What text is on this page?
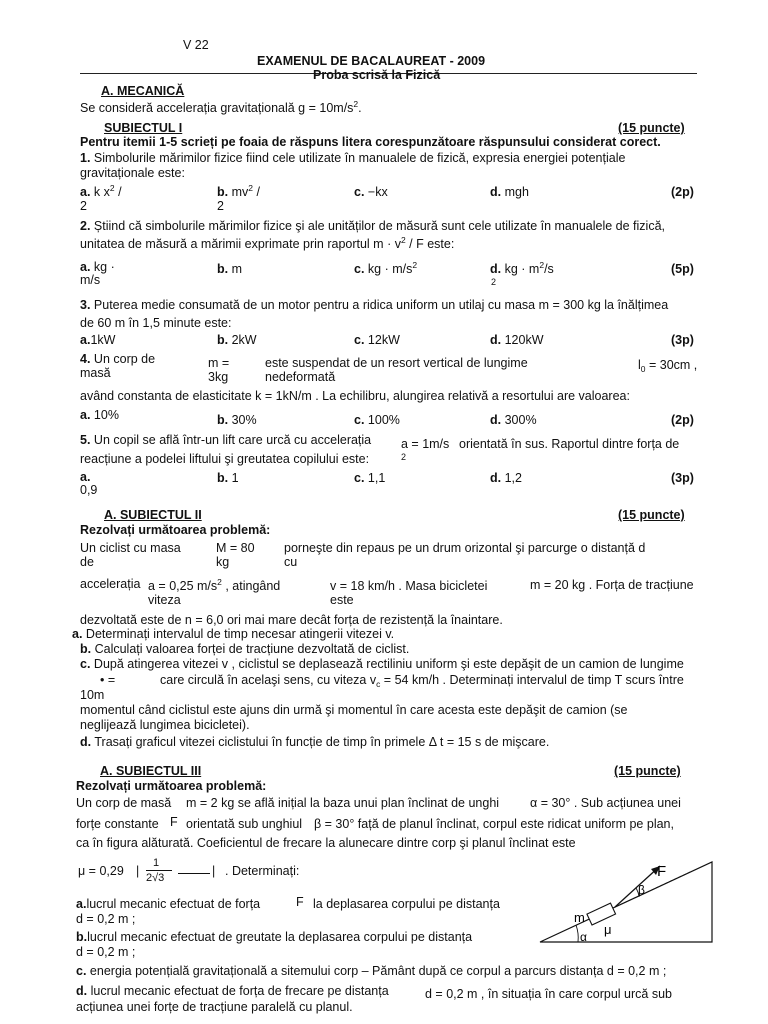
V 22
EXAMENUL DE BACALAUREAT - 2009
Proba scrisă la Fizică
A. MECANICĂ
Se consideră accelerația gravitațională $g = 10m/s^2$.
SUBIECTUL I	(15 puncte)
Pentru itemii 1-5 scrieți pe foaia de răspuns litera corespunzătoare răspunsului considerat corect.
1. Simbolurile mărimilor fizice fiind cele utilizate în manualele de fizică, expresia energiei potențiale
gravitaționale este:
a. k $x^2$ /
2
b. $mv^2$ /
2
c. −kx	d. mgh	(2p)
2. Știind că simbolurile mărimilor fizice şi ale unităților de măsură sunt cele utilizate în manualele de fizică,
unitatea de măsură a mărimii exprimate prin raportul $m \cdot v^2 / F$ este:
a. kg ·
m/s
b. m	c. kg · $m/s^2$	d. kg · $m^2/s$
2
(5p)
3. Puterea medie consumată de un motor pentru a ridica uniform un utilaj cu masa m = 300 kg la înălțimea
de 60 m în 1,5 minute este:
a.1kW	b. 2kW	c. 12kW	d. 120kW	(3p)
4. Un corp de
masă
m =
3kg
este suspendat de un resort vertical de lungime
nedeformată
$l_0 = 30cm$ ,
având constanta de elasticitate k = 1kN/m . La echilibru, alungirea relativă a resortului are valoarea:
a. 10%	b. 30%	c. 100%	d. 300%	(2p)
5. Un copil se află într-un lift care urcă cu accelerația a = 1m/s
2
orientată în sus. Raportul dintre forța de
reacțiune a podelei liftului şi greutatea copilului este:
a.
0,9
b. 1	c. 1,1	d. 1,2	(3p)
A. SUBIECTUL II	(15 puncte)
Rezolvați următoarea problemă:
Un ciclist cu masa
de
M = 80
kg
porneşte din repaus pe un drum orizontal şi parcurge o distanță d
cu
accelerația a = 0,25 $m/s^2$ , atingând
viteza
v = 18 km/h . Masa bicicletei
este
m = 20 kg . Forța de tracțiune
dezvoltată este de n = 6,0 ori mai mare decât forța de rezistență la înaintare.
a. Determinați intervalul de timp necesar atingerii vitezei v.
b. Calculați valoarea forței de tracțiune dezvoltată de ciclist.
c. După atingerea vitezei v , ciclistul se deplasează rectiliniu uniform şi este depăşit de un camion de lungime
• =	care circulă în acelaşi sens, cu viteza $v_c = 54$ km/h . Determinați intervalul de timp T scurs între
10m
momentul când ciclistul este ajuns din urmă şi momentul în care acesta este depăşit de camion (se
neglijează lungimea bicicletei).
d. Trasați graficul vitezei ciclistului în funcție de timp în primele Δ t = 15 s de mişcare.
A. SUBIECTUL III	(15 puncte)
Rezolvați următoarea problemă:
Un corp de masă m = 2 kg se află inițial la baza unui plan înclinat de unghi α = 30° . Sub acțiunea unei
forțe constante F orientată sub unghiul β = 30° față de planul înclinat, corpul este ridicat uniform pe plan,
ca în figura alăturată. Coeficientul de frecare la alunecare dintre corp şi planul înclinat este
μ = 0,29 |
1
2√3	| . Determinați:
a.lucrul mecanic efectuat de forța	F la deplasarea corpului pe distanța
d = 0,2 m ;
b.lucrul mecanic efectuat de greutate la deplasarea corpului pe distanța
d = 0,2 m ;
c. energia potențială gravitațională a sitemului corp – Pământ după ce corpul a parcurs distanța d = 0,2 m ;
d. lucrul mecanic efectuat de forța de frecare pe distanța	d = 0,2 m , în situația în care corpul urcă sub
acțiunea unei forțe de tracțiune paralelă cu planul.
F
β
m
μ
α
